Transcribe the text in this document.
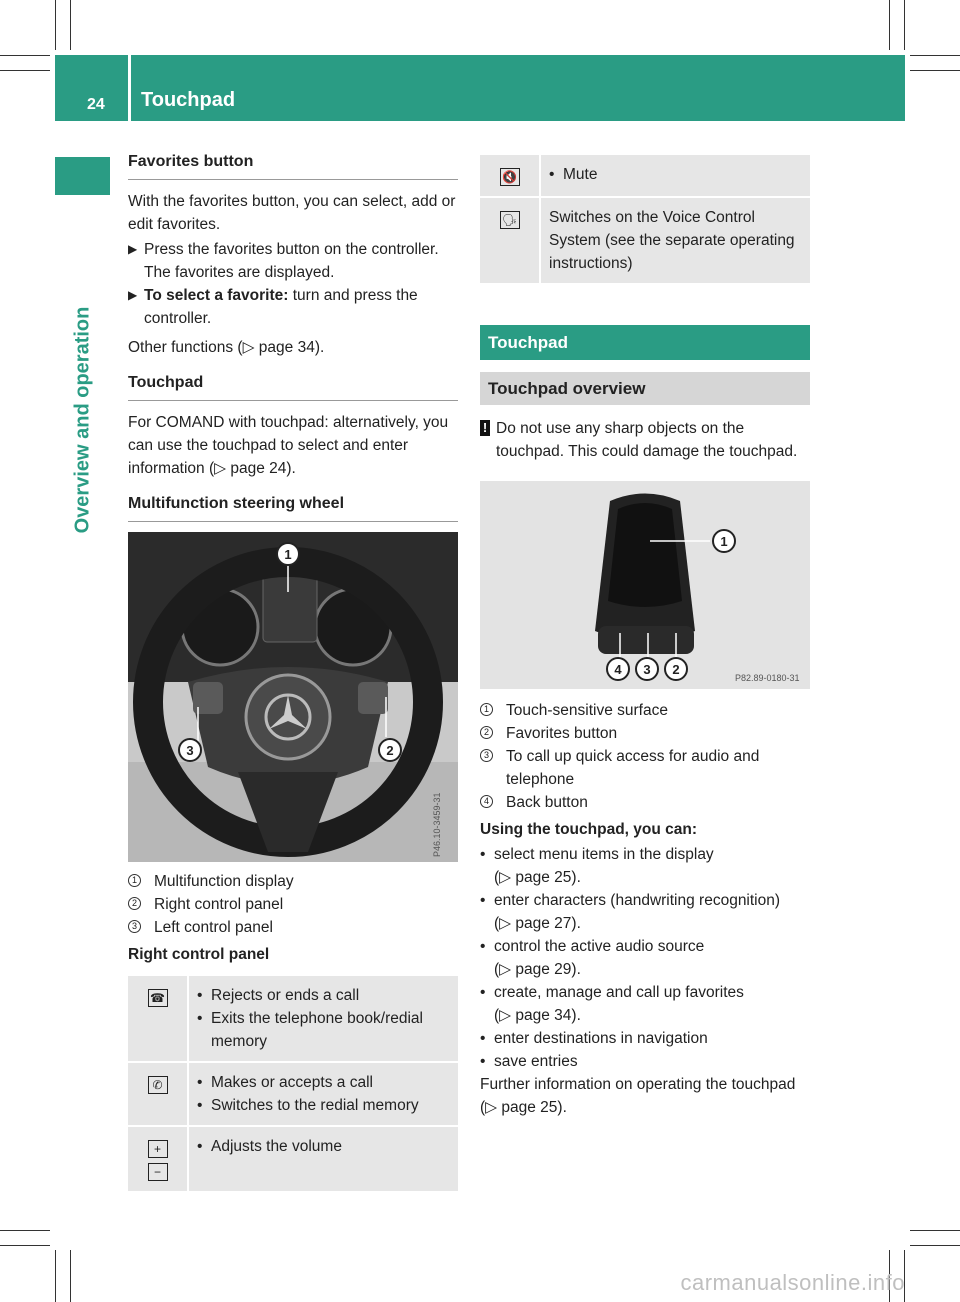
24 Touchpad
Overview and operation
Favorites button

With the favorites button, you can select, add or edit favorites.

▶ Press the favorites button on the controller.
The favorites are displayed.
▶ To select a favorite: turn and press the controller.

Other functions (▷ page 34).

Touchpad

For COMAND with touchpad: alternatively, you can use the touchpad to select and enter information (▷ page 24).

Multifunction steering wheel
P46.10-3459-31
1
2
3
1 Multifunction display
2 Right control panel
3 Left control panel

Right control panel

☎	• Rejects or ends a call
• Exits the telephone book/redial memory

✆	• Makes or accepts a call
• Switches to the redial memory

+
−	• Adjusts the volume
🔇	• Mute

🗣	Switches on the Voice Control System (see the separate operating instructions)
Touchpad
Touchpad overview
! Do not use any sharp objects on the touchpad. This could damage the touchpad.
P82.89-0180-31
1
4	3	2
1 Touch-sensitive surface
2 Favorites button
3 To call up quick access for audio and telephone
4 Back button

Using the touchpad, you can:

• select menu items in the display
(▷ page 25).
• enter characters (handwriting recognition)
(▷ page 27).
• control the active audio source
(▷ page 29).
• create, manage and call up favorites
(▷ page 34).
• enter destinations in navigation
• save entries

Further information on operating the touchpad (▷ page 25).

carmanualsonline.info
